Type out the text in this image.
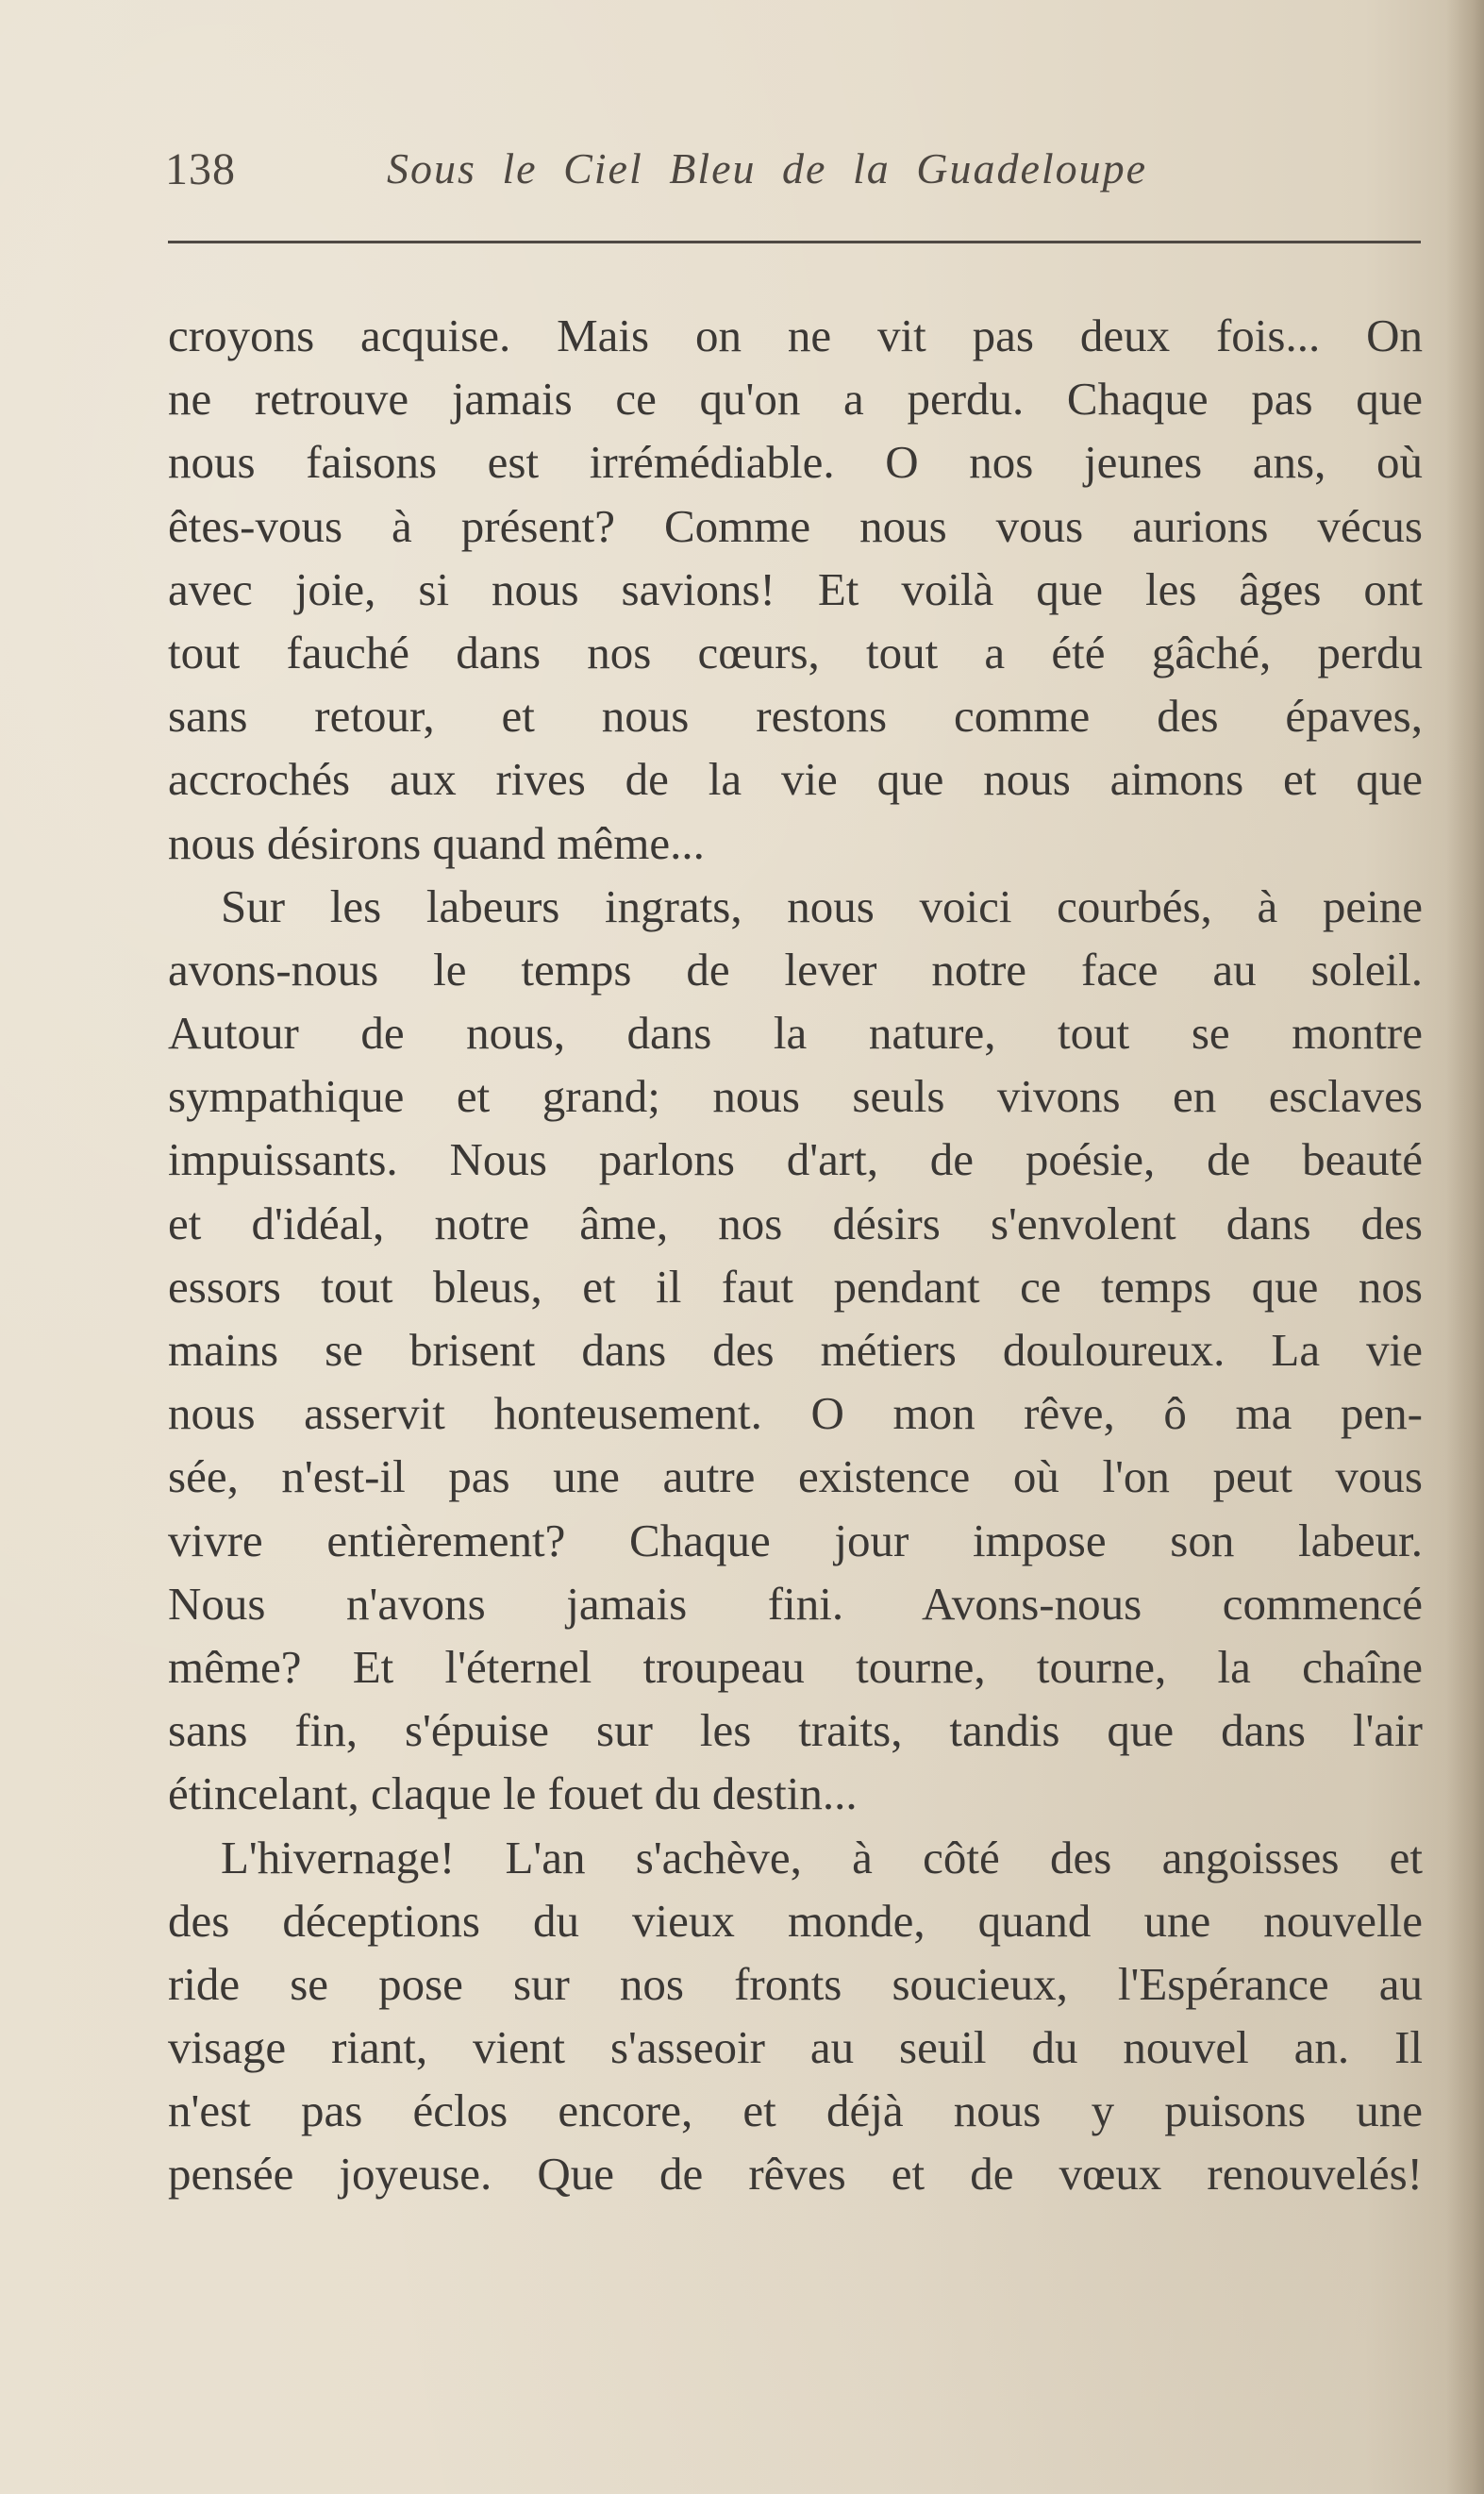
138	Sous le Ciel Bleu de la Guadeloupe
croyons acquise. Mais on ne vit pas deux fois... On
ne retrouve jamais ce qu'on a perdu. Chaque pas que
nous faisons est irrémédiable. O nos jeunes ans, où
êtes-vous à présent? Comme nous vous aurions vécus
avec joie, si nous savions! Et voilà que les âges ont
tout fauché dans nos cœurs, tout a été gâché, perdu
sans retour, et nous restons comme des épaves,
accrochés aux rives de la vie que nous aimons et que
nous désirons quand même...
Sur les labeurs ingrats, nous voici courbés, à peine
avons-nous le temps de lever notre face au soleil.
Autour de nous, dans la nature, tout se montre
sympathique et grand; nous seuls vivons en esclaves
impuissants. Nous parlons d'art, de poésie, de beauté
et d'idéal, notre âme, nos désirs s'envolent dans des
essors tout bleus, et il faut pendant ce temps que nos
mains se brisent dans des métiers douloureux. La vie
nous asservit honteusement. O mon rêve, ô ma pen-
sée, n'est-il pas une autre existence où l'on peut vous
vivre entièrement? Chaque jour impose son labeur.
Nous n'avons jamais fini. Avons-nous commencé
même? Et l'éternel troupeau tourne, tourne, la chaîne
sans fin, s'épuise sur les traits, tandis que dans l'air
étincelant, claque le fouet du destin...
L'hivernage! L'an s'achève, à côté des angoisses et
des déceptions du vieux monde, quand une nouvelle
ride se pose sur nos fronts soucieux, l'Espérance au
visage riant, vient s'asseoir au seuil du nouvel an. Il
n'est pas éclos encore, et déjà nous y puisons une
pensée joyeuse. Que de rêves et de vœux renouvelés!
